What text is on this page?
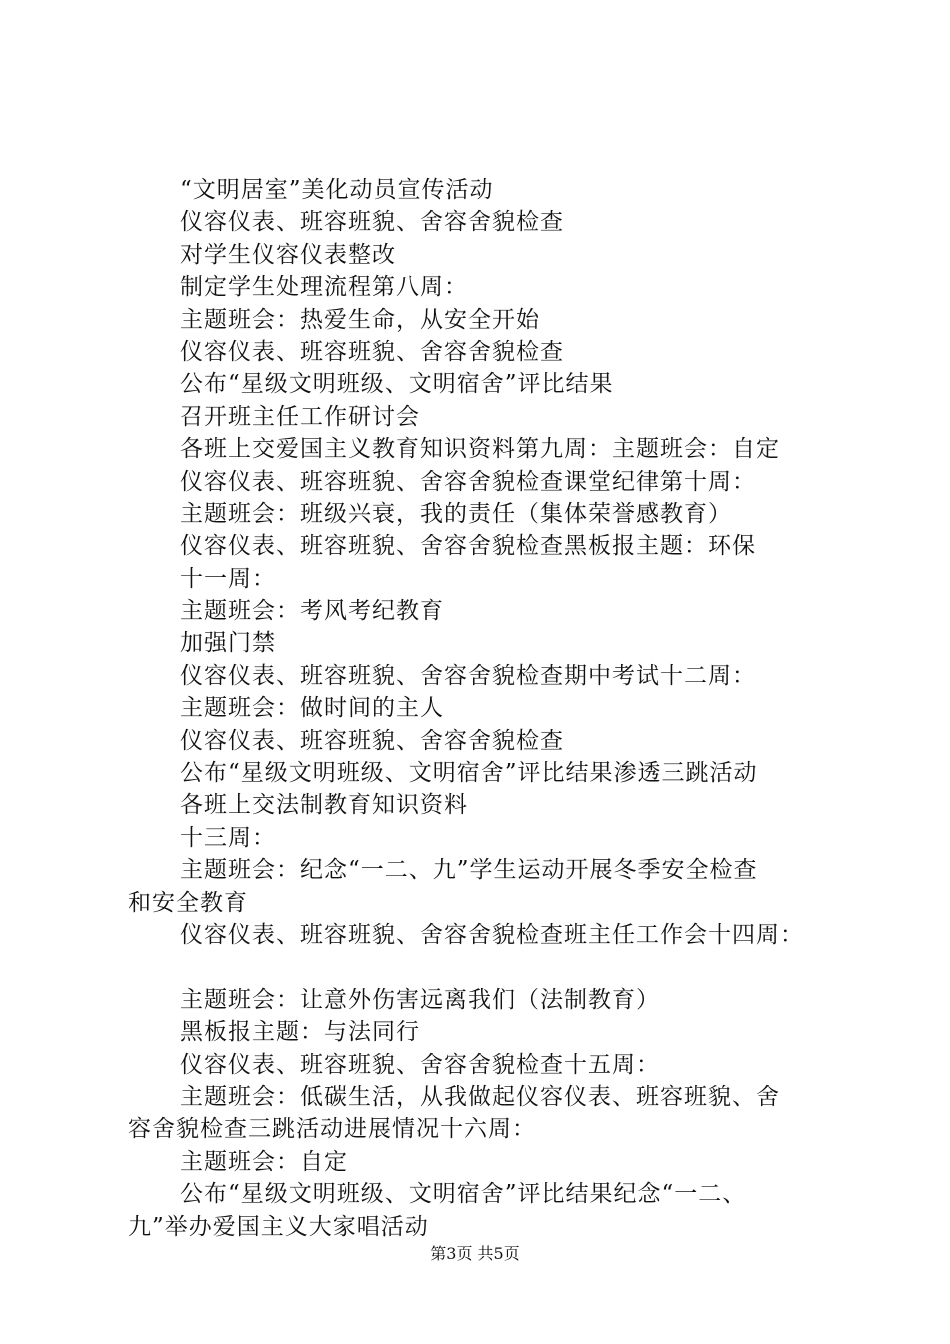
“文明居室”美化动员宣传活动
仪容仪表、班容班貌、舍容舍貌检查
对学生仪容仪表整改
制定学生处理流程第八周：
主题班会：热爱生命，从安全开始
仪容仪表、班容班貌、舍容舍貌检查
公布“星级文明班级、文明宿舍”评比结果
召开班主任工作研讨会
各班上交爱国主义教育知识资料第九周：主题班会：自定
仪容仪表、班容班貌、舍容舍貌检查课堂纪律第十周：
主题班会：班级兴衰，我的责任（集体荣誉感教育）
仪容仪表、班容班貌、舍容舍貌检查黑板报主题：环保
十一周：
主题班会：考风考纪教育
加强门禁
仪容仪表、班容班貌、舍容舍貌检查期中考试十二周：
主题班会：做时间的主人
仪容仪表、班容班貌、舍容舍貌检查
公布“星级文明班级、文明宿舍”评比结果渗透三跳活动
各班上交法制教育知识资料
十三周：
主题班会：纪念“一二、九”学生运动开展冬季安全检查
和安全教育
仪容仪表、班容班貌、舍容舍貌检查班主任工作会十四周：
主题班会：让意外伤害远离我们（法制教育）
黑板报主题：与法同行
仪容仪表、班容班貌、舍容舍貌检查十五周：
主题班会：低碳生活，从我做起仪容仪表、班容班貌、舍
容舍貌检查三跳活动进展情况十六周：
主题班会：自定
公布“星级文明班级、文明宿舍”评比结果纪念“一二、
九”举办爱国主义大家唱活动
第3页 共5页
